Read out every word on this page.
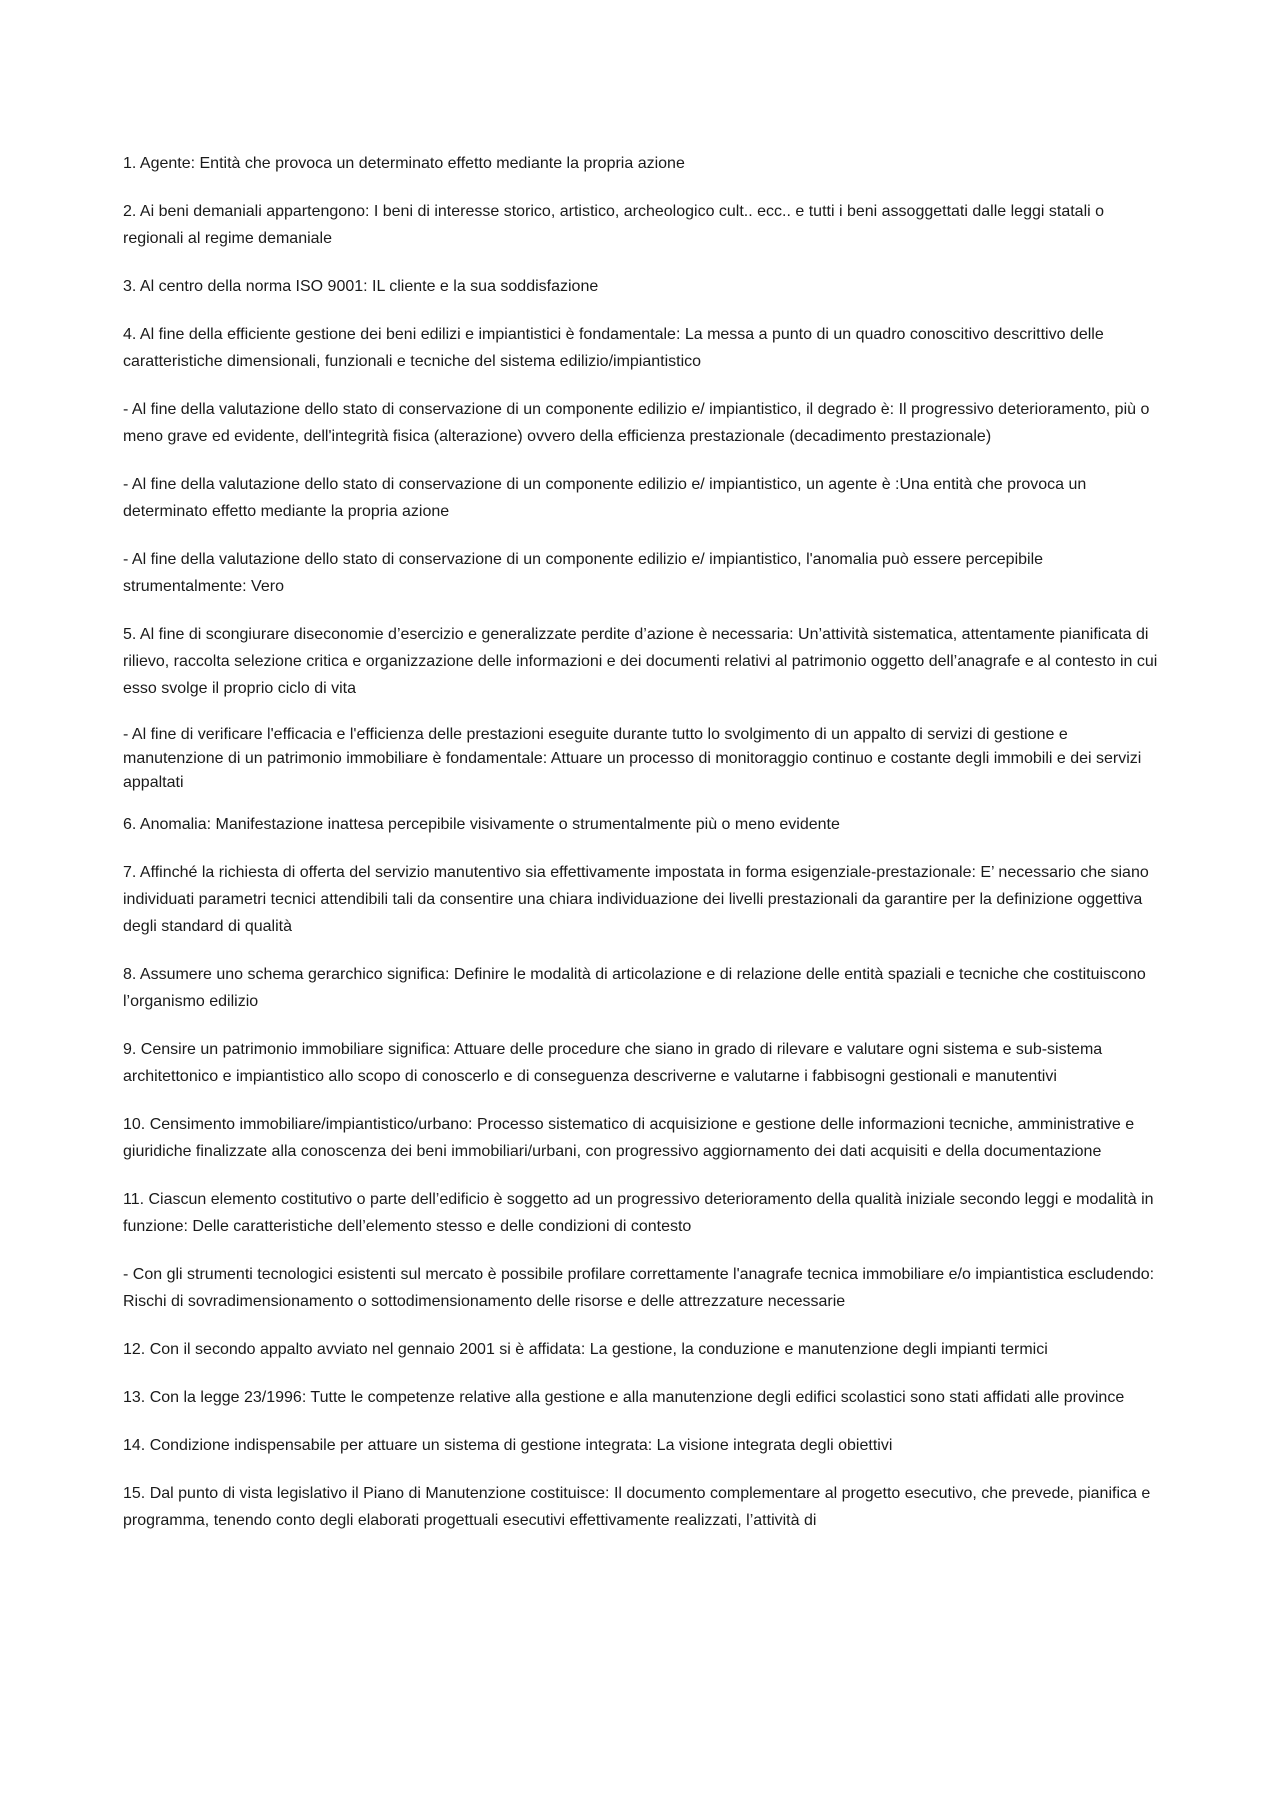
1. Agente: Entità che provoca un determinato effetto mediante la propria azione

2. Ai beni demaniali appartengono: I beni di interesse storico, artistico, archeologico cult.. ecc.. e tutti i beni assoggettati dalle leggi statali o regionali al regime demaniale

3. Al centro della norma ISO 9001: IL cliente e la sua soddisfazione

4. Al fine della efficiente gestione dei beni edilizi e impiantistici è fondamentale: La messa a punto di un quadro conoscitivo descrittivo delle caratteristiche dimensionali, funzionali e tecniche del sistema edilizio/impiantistico

- Al fine della valutazione dello stato di conservazione di un componente edilizio e/ impiantistico, il degrado è: Il progressivo deterioramento, più o meno grave ed evidente, dell'integrità fisica (alterazione) ovvero della efficienza prestazionale (decadimento prestazionale)

- Al fine della valutazione dello stato di conservazione di un componente edilizio e/ impiantistico, un agente è :Una entità che provoca un determinato effetto mediante la propria azione

- Al fine della valutazione dello stato di conservazione di un componente edilizio e/ impiantistico, l'anomalia può essere percepibile strumentalmente: Vero

5. Al fine di scongiurare diseconomie d’esercizio e generalizzate perdite d’azione è necessaria: Un’attività sistematica, attentamente pianificata di rilievo, raccolta selezione critica e organizzazione delle informazioni e dei documenti relativi al patrimonio oggetto dell’anagrafe e al contesto in cui esso svolge il proprio ciclo di vita

- Al fine di verificare l'efficacia e l'efficienza delle prestazioni eseguite durante tutto lo svolgimento di un appalto di servizi di gestione e manutenzione di un patrimonio immobiliare è fondamentale: Attuare un processo di monitoraggio continuo e costante degli immobili e dei servizi appaltati

6. Anomalia: Manifestazione inattesa percepibile visivamente o strumentalmente più o meno evidente

7. Affinché la richiesta di offerta del servizio manutentivo sia effettivamente impostata in forma esigenziale-prestazionale: E’ necessario che siano individuati parametri tecnici attendibili tali da consentire una chiara individuazione dei livelli prestazionali da garantire per la definizione oggettiva degli standard di qualità

8. Assumere uno schema gerarchico significa: Definire le modalità di articolazione e di relazione delle entità spaziali e tecniche che costituiscono l’organismo edilizio

9. Censire un patrimonio immobiliare significa: Attuare delle procedure che siano in grado di rilevare e valutare ogni sistema e sub-sistema architettonico e impiantistico allo scopo di conoscerlo e di conseguenza descriverne e valutarne i fabbisogni gestionali e manutentivi

10. Censimento immobiliare/impiantistico/urbano: Processo sistematico di acquisizione e gestione delle informazioni tecniche, amministrative e giuridiche finalizzate alla conoscenza dei beni immobiliari/urbani, con progressivo aggiornamento dei dati acquisiti e della documentazione

11. Ciascun elemento costitutivo o parte dell’edificio è soggetto ad un progressivo deterioramento della qualità iniziale secondo leggi e modalità in funzione: Delle caratteristiche dell’elemento stesso e delle condizioni di contesto

- Con gli strumenti tecnologici esistenti sul mercato è possibile profilare correttamente l'anagrafe tecnica immobiliare e/o impiantistica escludendo: Rischi di sovradimensionamento o sottodimensionamento delle risorse e delle attrezzature necessarie

12. Con il secondo appalto avviato nel gennaio 2001 si è affidata: La gestione, la conduzione e manutenzione degli impianti termici

13. Con la legge 23/1996: Tutte le competenze relative alla gestione e alla manutenzione degli edifici scolastici sono stati affidati alle province

14. Condizione indispensabile per attuare un sistema di gestione integrata: La visione integrata degli obiettivi

15. Dal punto di vista legislativo il Piano di Manutenzione costituisce: Il documento complementare al progetto esecutivo, che prevede, pianifica e programma, tenendo conto degli elaborati progettuali esecutivi effettivamente realizzati, l’attività di
